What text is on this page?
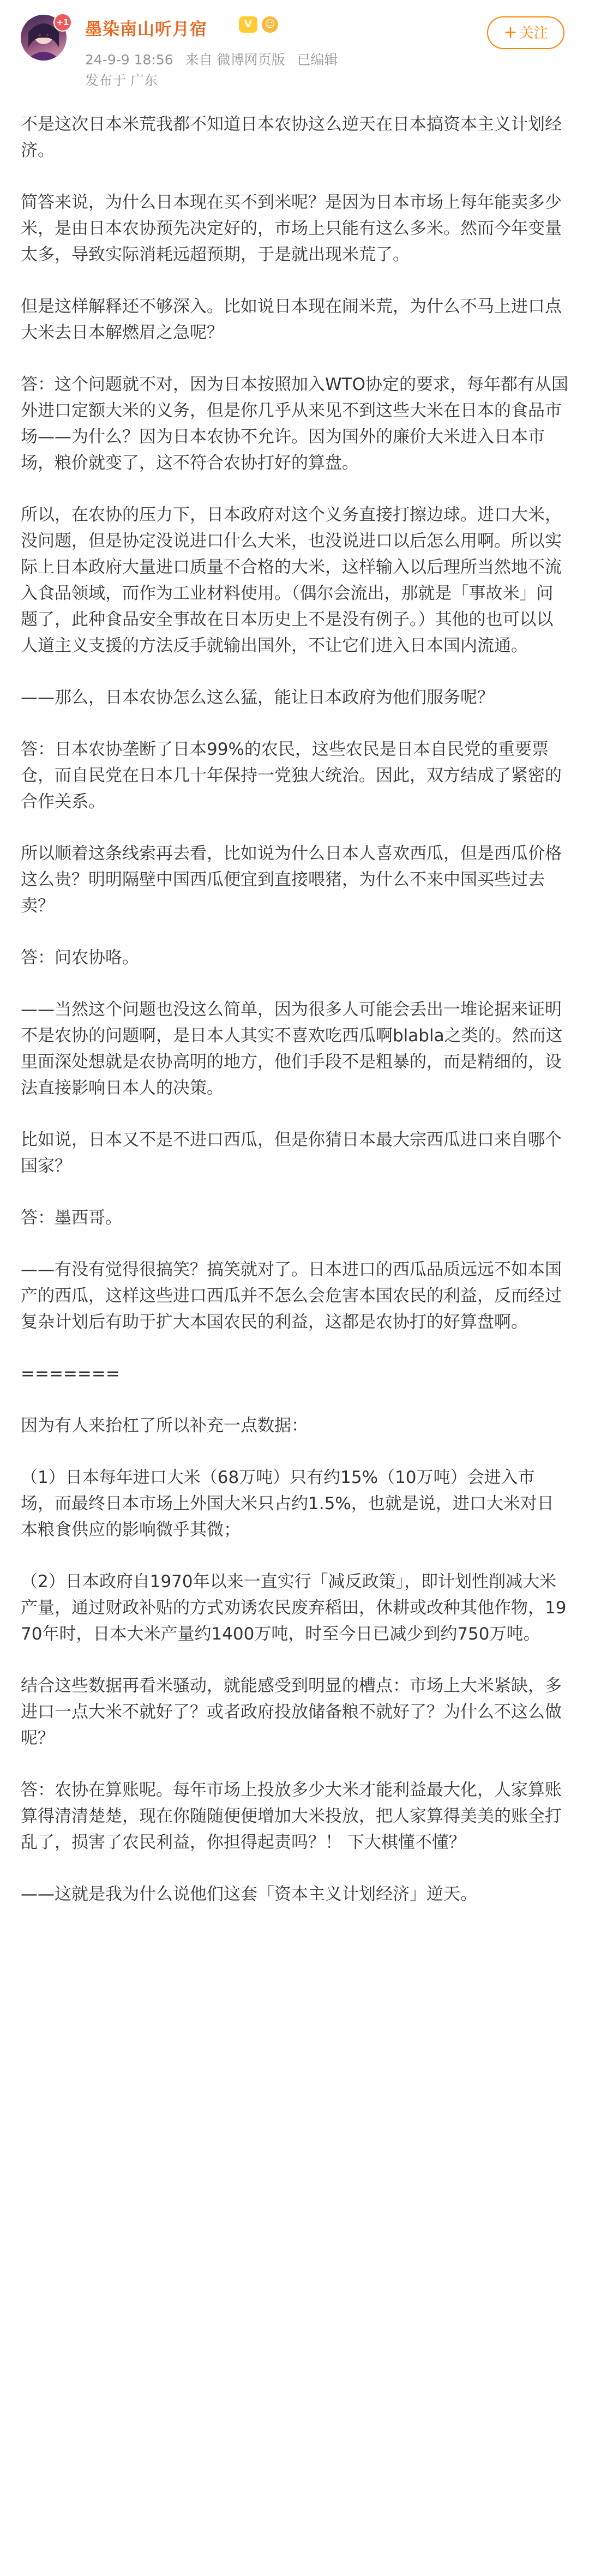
+1 墨染南山听月宿	V	☺
24-9-9 18:56 来自 微博网页版 已编辑
发布于 广东
+ 关注

不是这次日本米荒我都不知道日本农协这么逆天在日本搞资本主义计划经济。

简答来说，为什么日本现在买不到米呢？是因为日本市场上每年能卖多少米，是由日本农协预先决定好的，市场上只能有这么多米。然而今年变量太多，导致实际消耗远超预期，于是就出现米荒了。

但是这样解释还不够深入。比如说日本现在闹米荒，为什么不马上进口点大米去日本解燃眉之急呢？

答：这个问题就不对，因为日本按照加入WTO协定的要求，每年都有从国外进口定额大米的义务，但是你几乎从来见不到这些大米在日本的食品市场——为什么？因为日本农协不允许。因为国外的廉价大米进入日本市场，粮价就变了，这不符合农协打好的算盘。

所以，在农协的压力下，日本政府对这个义务直接打擦边球。进口大米，没问题，但是协定没说进口什么大米，也没说进口以后怎么用啊。所以实际上日本政府大量进口质量不合格的大米，这样输入以后理所当然地不流入食品领域，而作为工业材料使用。（偶尔会流出，那就是「事故米」问题了，此种食品安全事故在日本历史上不是没有例子。）其他的也可以以人道主义支援的方法反手就输出国外，不让它们进入日本国内流通。

——那么，日本农协怎么这么猛，能让日本政府为他们服务呢？

答：日本农协垄断了日本99%的农民，这些农民是日本自民党的重要票仓，而自民党在日本几十年保持一党独大统治。因此，双方结成了紧密的合作关系。

所以顺着这条线索再去看，比如说为什么日本人喜欢西瓜，但是西瓜价格这么贵？明明隔壁中国西瓜便宜到直接喂猪，为什么不来中国买些过去卖？

答：问农协咯。

——当然这个问题也没这么简单，因为很多人可能会丢出一堆论据来证明不是农协的问题啊，是日本人其实不喜欢吃西瓜啊blabla之类的。然而这里面深处想就是农协高明的地方，他们手段不是粗暴的，而是精细的，设法直接影响日本人的决策。

比如说，日本又不是不进口西瓜，但是你猜日本最大宗西瓜进口来自哪个国家？

答：墨西哥。

——有没有觉得很搞笑？搞笑就对了。日本进口的西瓜品质远远不如本国产的西瓜，这样这些进口西瓜并不怎么会危害本国农民的利益，反而经过复杂计划后有助于扩大本国农民的利益，这都是农协打的好算盘啊。

=======

因为有人来抬杠了所以补充一点数据：

（1）日本每年进口大米（68万吨）只有约15%（10万吨）会进入市场，而最终日本市场上外国大米只占约1.5%，也就是说，进口大米对日本粮食供应的影响微乎其微；

（2）日本政府自1970年以来一直实行「减反政策」，即计划性削减大米产量，通过财政补贴的方式劝诱农民废弃稻田，休耕或改种其他作物，1970年时，日本大米产量约1400万吨，时至今日已减少到约750万吨。

结合这些数据再看米骚动，就能感受到明显的槽点：市场上大米紧缺，多进口一点大米不就好了？或者政府投放储备粮不就好了？为什么不这么做呢？

答：农协在算账呢。每年市场上投放多少大米才能利益最大化，人家算账算得清清楚楚，现在你随随便便增加大米投放，把人家算得美美的账全打乱了，损害了农民利益，你担得起责吗？！ 下大棋懂不懂？

——这就是我为什么说他们这套「资本主义计划经济」逆天。
